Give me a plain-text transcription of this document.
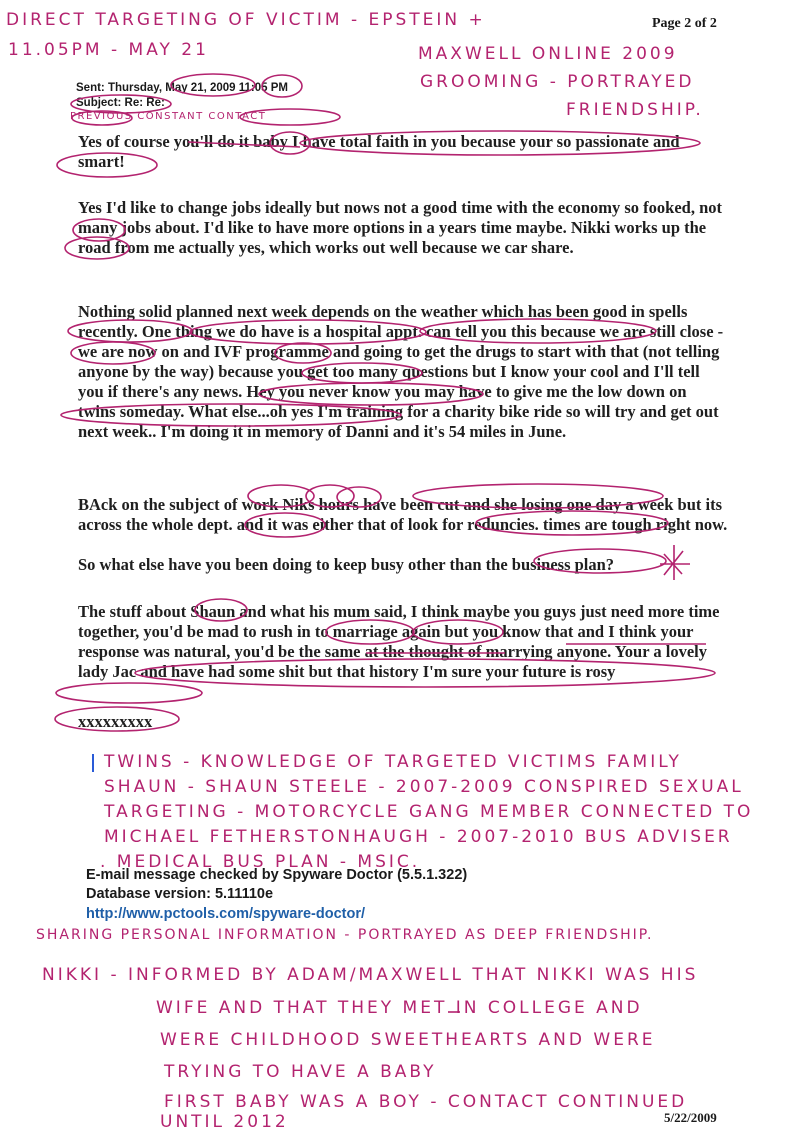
Page 2 of 2
DIRECT TARGETING OF VICTIM - EPSTEIN +
11.05PM - MAY 21	MAXWELL ONLINE 2009
GROOMING - PORTRAYED
FRIENDSHIP.
Sent: Thursday, May 21, 2009 11:05 PM
Subject: Re: Re:
PREVIOUS CONSTANT CONTACT
Yes of course you'll do it baby I have total faith in you because your so passionate and smart!
Yes I'd like to change jobs ideally but nows not a good time with the economy so fooked, not many jobs about. I'd like to have more options in a years time maybe. Nikki works up the road from me actually yes, which works out well because we car share.
Nothing solid planned next week depends on the weather which has been good in spells recently. One thing we do have is a hospital appt. can tell you this because we are still close - we are now on and IVF programme and going to get the drugs to start with that (not telling anyone by the way) because you get too many questions but I know your cool and I'll tell you if there's any news. Hey you never know you may have to give me the low down on twins someday. What else...oh yes I'm training for a charity bike ride so will try and get out next week.. I'm doing it in memory of Danni and it's 54 miles in June.
BAck on the subject of work Niks hours have been cut and she losing one day a week but its across the whole dept. and it was either that of look for reduncies. times are tough right now.
So what else have you been doing to keep busy other than the business plan?
The stuff about Shaun and what his mum said, I think maybe you guys just need more time together, you'd be mad to rush in to marriage again but you know that and I think your response was natural, you'd be the same at the thought of marrying anyone. Your a lovely lady Jac and have had some shit but that history I'm sure your future is rosy
xxxxxxxxx
TWINS - KNOWLEDGE OF TARGETED VICTIMS FAMILY
SHAUN - SHAUN STEELE - 2007-2009 CONSPIRED SEXUAL
TARGETING - MOTORCYCLE GANG MEMBER CONNECTED TO
MICHAEL FETHERSTONHAUGH - 2007-2010 BUS ADVISER
. MEDICAL BUS PLAN - MSIC.
E-mail message checked by Spyware Doctor (5.5.1.322)
Database version: 5.11110e
http://www.pctools.com/spyware-doctor/
SHARING PERSONAL INFORMATION - PORTRAYED AS DEEP FRIENDSHIP.
NIKKI - INFORMED BY ADAM/MAXWELL THAT NIKKI WAS HIS
WIFE AND THAT THEY MET IN COLLEGE AND
WERE CHILDHOOD SWEETHEARTS AND WERE
TRYING TO HAVE A BABY
FIRST BABY WAS A BOY - CONTACT CONTINUED
UNTIL 2012	5/22/2009
